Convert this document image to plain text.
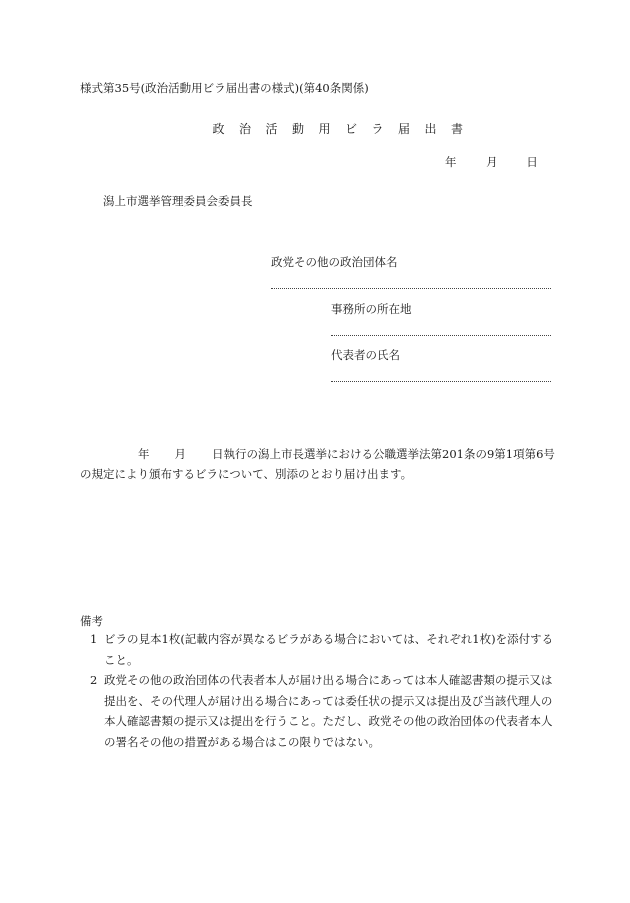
様式第35号(政治活動用ビラ届出書の様式)(第40条関係)
政治活動用ビラ届出書
年	月 日
潟上市選挙管理委員会委員長
政党その他の政治団体名
事務所の所在地
代表者の氏名
年 月 日執行の潟上市長選挙における公職選挙法第201条の9第1項第6号
の規定により頒布するビラについて、別添のとおり届け出ます。
備考
1 ビラの見本1枚(記載内容が異なるビラがある場合においては、それぞれ1枚)を添付すること。
2 政党その他の政治団体の代表者本人が届け出る場合にあっては本人確認書類の提示又は提出を、その代理人が届け出る場合にあっては委任状の提示又は提出及び当該代理人の本人確認書類の提示又は提出を行うこと。ただし、政党その他の政治団体の代表者本人の署名その他の措置がある場合はこの限りではない。
